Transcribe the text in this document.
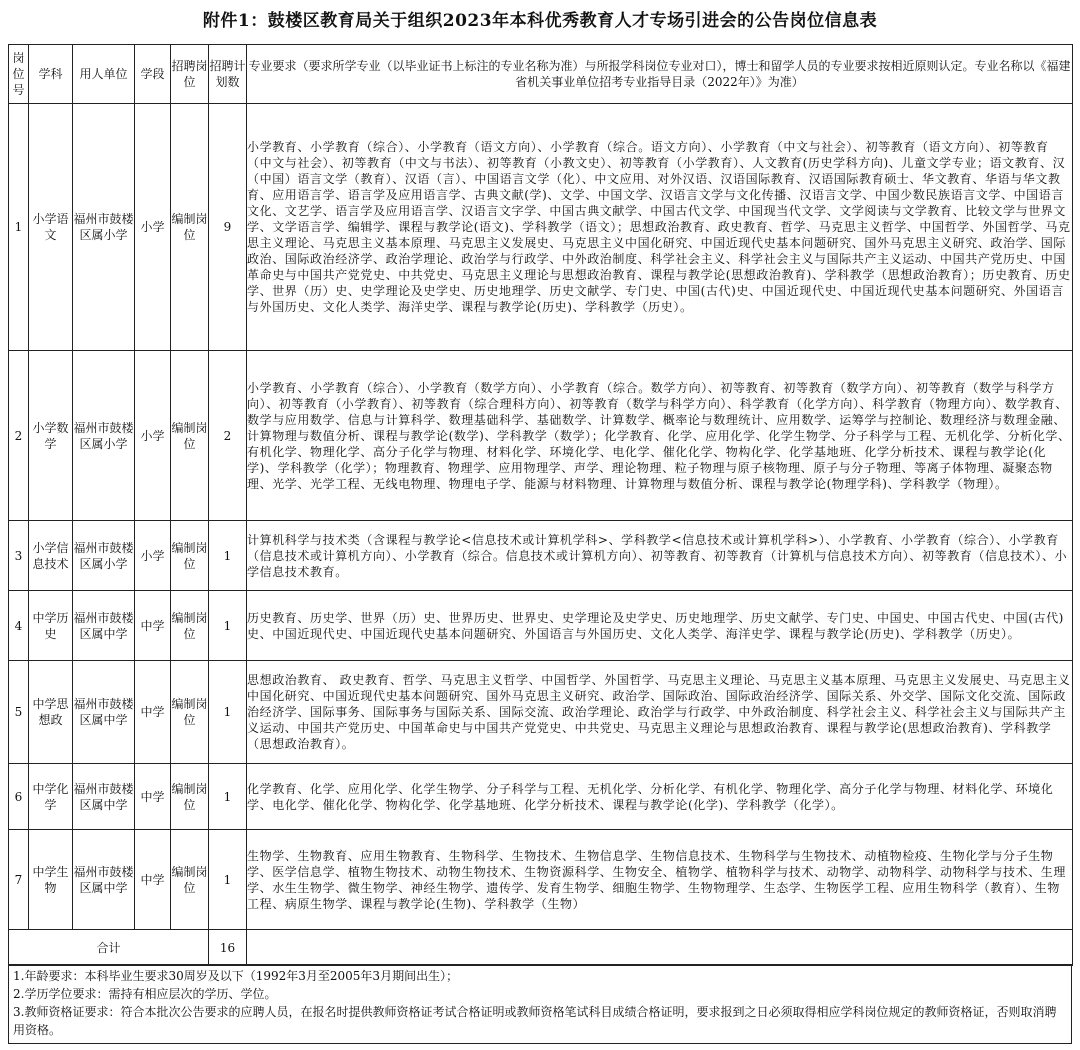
附件1：鼓楼区教育局关于组织2023年本科优秀教育人才专场引进会的公告岗位信息表
岗位号	学科	用人单位	学段	招聘岗位	招聘计划数	专业要求（要求所学专业（以毕业证书上标注的专业名称为准）与所报学科岗位专业对口），博士和留学人员的专业要求按相近原则认定。专业名称以《福建省机关事业单位招考专业指导目录（2022年）》为准）
1	小学语文	福州市鼓楼区属小学	小学	编制岗位	9	小学教育、小学教育（综合）、小学教育（语文方向）、小学教育（综合。语文方向）、小学教育（中文与社会）、初等教育（语文方向）、初等教育（中文与社会）、初等教育（中文与书法）、初等教育（小教文史）、初等教育（小学教育）、人文教育(历史学科方向)、儿童文学专业；语文教育、汉（中国）语言文学（教育）、汉语（言）、中国语言文学（化）、中文应用、对外汉语、汉语国际教育、汉语国际教育硕士、华文教育、华语与华文教育、应用语言学、语言学及应用语言学、古典文献(学)、文学、中国文学、汉语言文学与文化传播、汉语言文学、中国少数民族语言文学、中国语言文化、文艺学、语言学及应用语言学、汉语言文字学、中国古典文献学、中国古代文学、中国现当代文学、文学阅读与文学教育、比较文学与世界文学、文学语言学、编辑学、课程与教学论(语文)、学科教学（语文）；思想政治教育、政史教育、哲学、马克思主义哲学、中国哲学、外国哲学、马克思主义理论、马克思主义基本原理、马克思主义发展史、马克思主义中国化研究、中国近现代史基本问题研究、国外马克思主义研究、政治学、国际政治、国际政治经济学、政治学理论、政治学与行政学、中外政治制度、科学社会主义、科学社会主义与国际共产主义运动、中国共产党历史、中国革命史与中国共产党党史、中共党史、马克思主义理论与思想政治教育、课程与教学论(思想政治教育)、学科教学（思想政治教育）；历史教育、历史学、世界（历）史、史学理论及史学史、历史地理学、历史文献学、专门史、中国(古代)史、中国近现代史、中国近现代史基本问题研究、外国语言与外国历史、文化人类学、海洋史学、课程与教学论(历史)、学科教学（历史）。
2	小学数学	福州市鼓楼区属小学	小学	编制岗位	2	小学教育、小学教育（综合）、小学教育（数学方向）、小学教育（综合。数学方向）、初等教育、初等教育（数学方向）、初等教育（数学与科学方向）、初等教育（小学教育）、初等教育（综合理科方向）、初等教育（数学与科学方向）、科学教育（化学方向）、科学教育（物理方向）、数学教育、数学与应用数学、信息与计算科学、数理基础科学、基础数学、计算数学、概率论与数理统计、应用数学、运筹学与控制论、数理经济与数理金融、计算物理与数值分析、课程与教学论(数学)、学科教学（数学）；化学教育、化学、应用化学、化学生物学、分子科学与工程、无机化学、分析化学、有机化学、物理化学、高分子化学与物理、材料化学、环境化学、电化学、催化化学、物构化学、化学基地班、化学分析技术、课程与教学论(化学)、学科教学（化学）；物理教育、物理学、应用物理学、声学、理论物理、粒子物理与原子核物理、原子与分子物理、等离子体物理、凝聚态物理、光学、光学工程、无线电物理、物理电子学、能源与材料物理、计算物理与数值分析、课程与教学论(物理学科)、学科教学（物理）。
3	小学信息技术	福州市鼓楼区属小学	小学	编制岗位	1	计算机科学与技术类（含课程与教学论<信息技术或计算机学科>、学科教学<信息技术或计算机学科>）、小学教育、小学教育（综合）、小学教育（信息技术或计算机方向）、小学教育（综合。信息技术或计算机方向）、初等教育、初等教育（计算机与信息技术方向）、初等教育（信息技术）、小学信息技术教育。
4	中学历史	福州市鼓楼区属中学	中学	编制岗位	1	历史教育、历史学、世界（历）史、世界历史、世界史、史学理论及史学史、历史地理学、历史文献学、专门史、中国史、中国古代史、中国(古代)史、中国近现代史、中国近现代史基本问题研究、外国语言与外国历史、文化人类学、海洋史学、课程与教学论(历史)、学科教学（历史）。
5	中学思想政	福州市鼓楼区属中学	中学	编制岗位	1	思想政治教育、 政史教育、哲学、马克思主义哲学、中国哲学、外国哲学、马克思主义理论、马克思主义基本原理、马克思主义发展史、马克思主义中国化研究、中国近现代史基本问题研究、国外马克思主义研究、政治学、国际政治、国际政治经济学、国际关系、外交学、国际文化交流、国际政治经济学、国际事务、国际事务与国际关系、国际交流、政治学理论、政治学与行政学、中外政治制度、科学社会主义、科学社会主义与国际共产主义运动、中国共产党历史、中国革命史与中国共产党党史、中共党史、马克思主义理论与思想政治教育、课程与教学论(思想政治教育)、学科教学（思想政治教育）。
6	中学化学	福州市鼓楼区属中学	中学	编制岗位	1	化学教育、化学、应用化学、化学生物学、分子科学与工程、无机化学、分析化学、有机化学、物理化学、高分子化学与物理、材料化学、环境化学、电化学、催化化学、物构化学、化学基地班、化学分析技术、课程与教学论(化学)、学科教学（化学）。
7	中学生物	福州市鼓楼区属中学	中学	编制岗位	1	生物学、生物教育、应用生物教育、生物科学、生物技术、生物信息学、生物信息技术、生物科学与生物技术、动植物检疫、生物化学与分子生物学、医学信息学、植物生物技术、动物生物技术、生物资源科学、生物安全、植物学、植物科学与技术、动物学、动物科学、动物科学与技术、生理学、水生生物学、微生物学、神经生物学、遗传学、发育生物学、细胞生物学、生物物理学、生态学、生物医学工程、应用生物科学（教育）、生物工程、病原生物学、课程与教学论(生物)、学科教学（生物）
合计					16	
1.年龄要求：本科毕业生要求30周岁及以下（1992年3月至2005年3月期间出生）；
2.学历学位要求：需持有相应层次的学历、学位。
3.教师资格证要求：符合本批次公告要求的应聘人员，在报名时提供教师资格证考试合格证明或教师资格笔试科目成绩合格证明，要求报到之日必须取得相应学科岗位规定的教师资格证，否则取消聘用资格。
